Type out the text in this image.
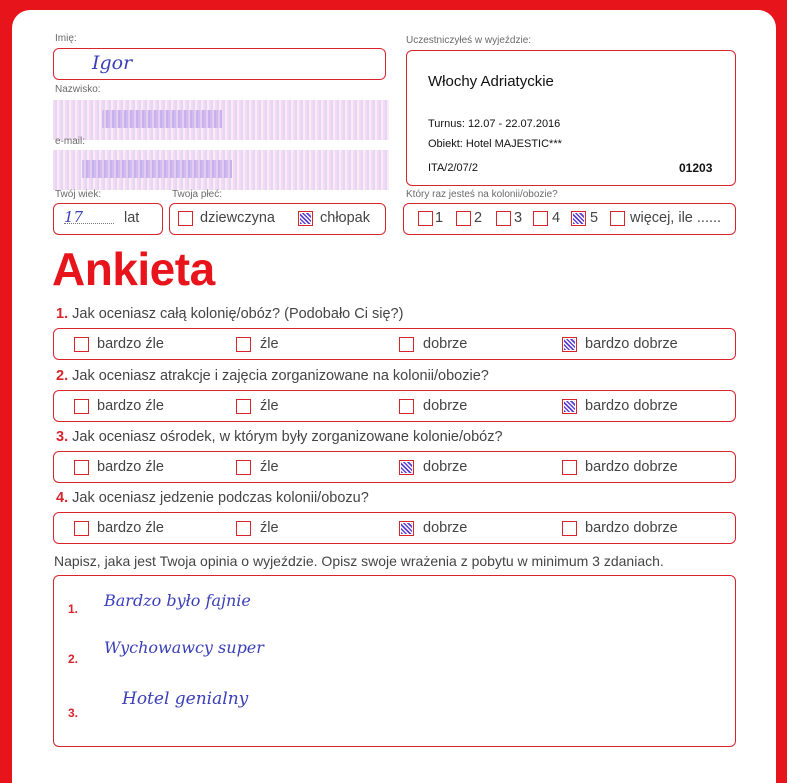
Imię:
Igor
Nazwisko:
e-mail:
Twój wiek:
17	lat
Twoja płeć:
dziewczyna	chłopak
Uczestniczyłeś w wyjeździe:
Włochy Adriatyckie
Turnus: 12.07 - 22.07.2016
Obiekt: Hotel MAJESTIC***
ITA/2/07/2	01203
Który raz jesteś na kolonii/obozie?
1 2 3 4 5 więcej, ile ......
Ankieta
1. Jak oceniasz całą kolonię/obóz? (Podobało Ci się?)
bardzo źle	źle	dobrze	bardzo dobrze
2. Jak oceniasz atrakcje i zajęcia zorganizowane na kolonii/obozie?
bardzo źle	źle	dobrze	bardzo dobrze
3. Jak oceniasz ośrodek, w którym były zorganizowane kolonie/obóz?
bardzo źle	źle	dobrze	bardzo dobrze
4. Jak oceniasz jedzenie podczas kolonii/obozu?
bardzo źle	źle	dobrze	bardzo dobrze
Napisz, jaka jest Twoja opinia o wyjeździe. Opisz swoje wrażenia z pobytu w minimum 3 zdaniach.
1. Bardzo było fajnie
2.
Wychowawcy super
3.
Hotel genialny
